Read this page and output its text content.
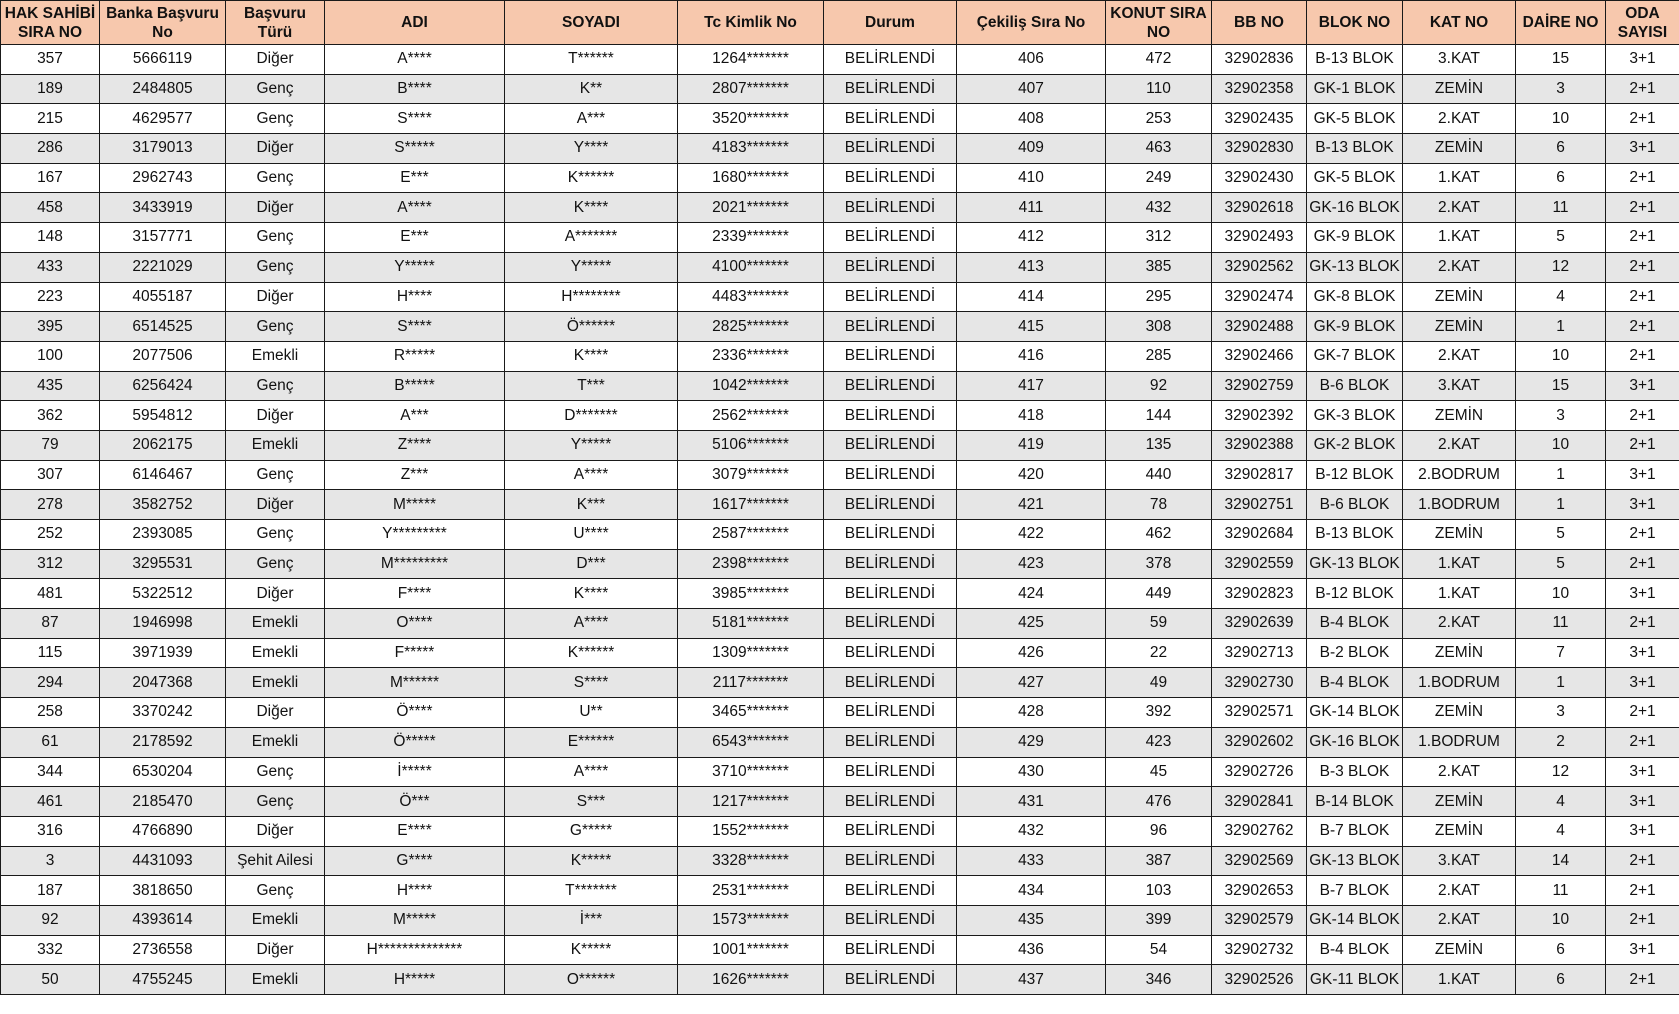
HAK SAHİBİ SIRA NO	Banka Başvuru No	Başvuru Türü	ADI	SOYADI	Tc Kimlik No	Durum	Çekiliş Sıra No	KONUT SIRA NO	BB NO	BLOK NO	KAT NO	DAİRE NO	ODA SAYISI
357	5666119	Diğer	A****	T******	1264*******	BELİRLENDİ	406	472	32902836	B-13 BLOK	3.KAT	15	3+1
189	2484805	Genç	B****	K**	2807*******	BELİRLENDİ	407	110	32902358	GK-1 BLOK	ZEMİN	3	2+1
215	4629577	Genç	S****	A***	3520*******	BELİRLENDİ	408	253	32902435	GK-5 BLOK	2.KAT	10	2+1
286	3179013	Diğer	S*****	Y****	4183*******	BELİRLENDİ	409	463	32902830	B-13 BLOK	ZEMİN	6	3+1
167	2962743	Genç	E***	K******	1680*******	BELİRLENDİ	410	249	32902430	GK-5 BLOK	1.KAT	6	2+1
458	3433919	Diğer	A****	K****	2021*******	BELİRLENDİ	411	432	32902618	GK-16 BLOK	2.KAT	11	2+1
148	3157771	Genç	E***	A*******	2339*******	BELİRLENDİ	412	312	32902493	GK-9 BLOK	1.KAT	5	2+1
433	2221029	Genç	Y*****	Y*****	4100*******	BELİRLENDİ	413	385	32902562	GK-13 BLOK	2.KAT	12	2+1
223	4055187	Diğer	H****	H********	4483*******	BELİRLENDİ	414	295	32902474	GK-8 BLOK	ZEMİN	4	2+1
395	6514525	Genç	S****	Ö******	2825*******	BELİRLENDİ	415	308	32902488	GK-9 BLOK	ZEMİN	1	2+1
100	2077506	Emekli	R*****	K****	2336*******	BELİRLENDİ	416	285	32902466	GK-7 BLOK	2.KAT	10	2+1
435	6256424	Genç	B*****	T***	1042*******	BELİRLENDİ	417	92	32902759	B-6 BLOK	3.KAT	15	3+1
362	5954812	Diğer	A***	D*******	2562*******	BELİRLENDİ	418	144	32902392	GK-3 BLOK	ZEMİN	3	2+1
79	2062175	Emekli	Z****	Y*****	5106*******	BELİRLENDİ	419	135	32902388	GK-2 BLOK	2.KAT	10	2+1
307	6146467	Genç	Z***	A****	3079*******	BELİRLENDİ	420	440	32902817	B-12 BLOK	2.BODRUM	1	3+1
278	3582752	Diğer	M*****	K***	1617*******	BELİRLENDİ	421	78	32902751	B-6 BLOK	1.BODRUM	1	3+1
252	2393085	Genç	Y*********	U****	2587*******	BELİRLENDİ	422	462	32902684	B-13 BLOK	ZEMİN	5	2+1
312	3295531	Genç	M*********	D***	2398*******	BELİRLENDİ	423	378	32902559	GK-13 BLOK	1.KAT	5	2+1
481	5322512	Diğer	F****	K****	3985*******	BELİRLENDİ	424	449	32902823	B-12 BLOK	1.KAT	10	3+1
87	1946998	Emekli	O****	A****	5181*******	BELİRLENDİ	425	59	32902639	B-4 BLOK	2.KAT	11	2+1
115	3971939	Emekli	F*****	K******	1309*******	BELİRLENDİ	426	22	32902713	B-2 BLOK	ZEMİN	7	3+1
294	2047368	Emekli	M******	S****	2117*******	BELİRLENDİ	427	49	32902730	B-4 BLOK	1.BODRUM	1	3+1
258	3370242	Diğer	Ö****	U**	3465*******	BELİRLENDİ	428	392	32902571	GK-14 BLOK	ZEMİN	3	2+1
61	2178592	Emekli	Ö*****	E******	6543*******	BELİRLENDİ	429	423	32902602	GK-16 BLOK	1.BODRUM	2	2+1
344	6530204	Genç	İ*****	A****	3710*******	BELİRLENDİ	430	45	32902726	B-3 BLOK	2.KAT	12	3+1
461	2185470	Genç	Ö***	S***	1217*******	BELİRLENDİ	431	476	32902841	B-14 BLOK	ZEMİN	4	3+1
316	4766890	Diğer	E****	G*****	1552*******	BELİRLENDİ	432	96	32902762	B-7 BLOK	ZEMİN	4	3+1
3	4431093	Şehit Ailesi	G****	K*****	3328*******	BELİRLENDİ	433	387	32902569	GK-13 BLOK	3.KAT	14	2+1
187	3818650	Genç	H****	T*******	2531*******	BELİRLENDİ	434	103	32902653	B-7 BLOK	2.KAT	11	2+1
92	4393614	Emekli	M*****	İ***	1573*******	BELİRLENDİ	435	399	32902579	GK-14 BLOK	2.KAT	10	2+1
332	2736558	Diğer	H**************	K*****	1001*******	BELİRLENDİ	436	54	32902732	B-4 BLOK	ZEMİN	6	3+1
50	4755245	Emekli	H*****	O******	1626*******	BELİRLENDİ	437	346	32902526	GK-11 BLOK	1.KAT	6	2+1
